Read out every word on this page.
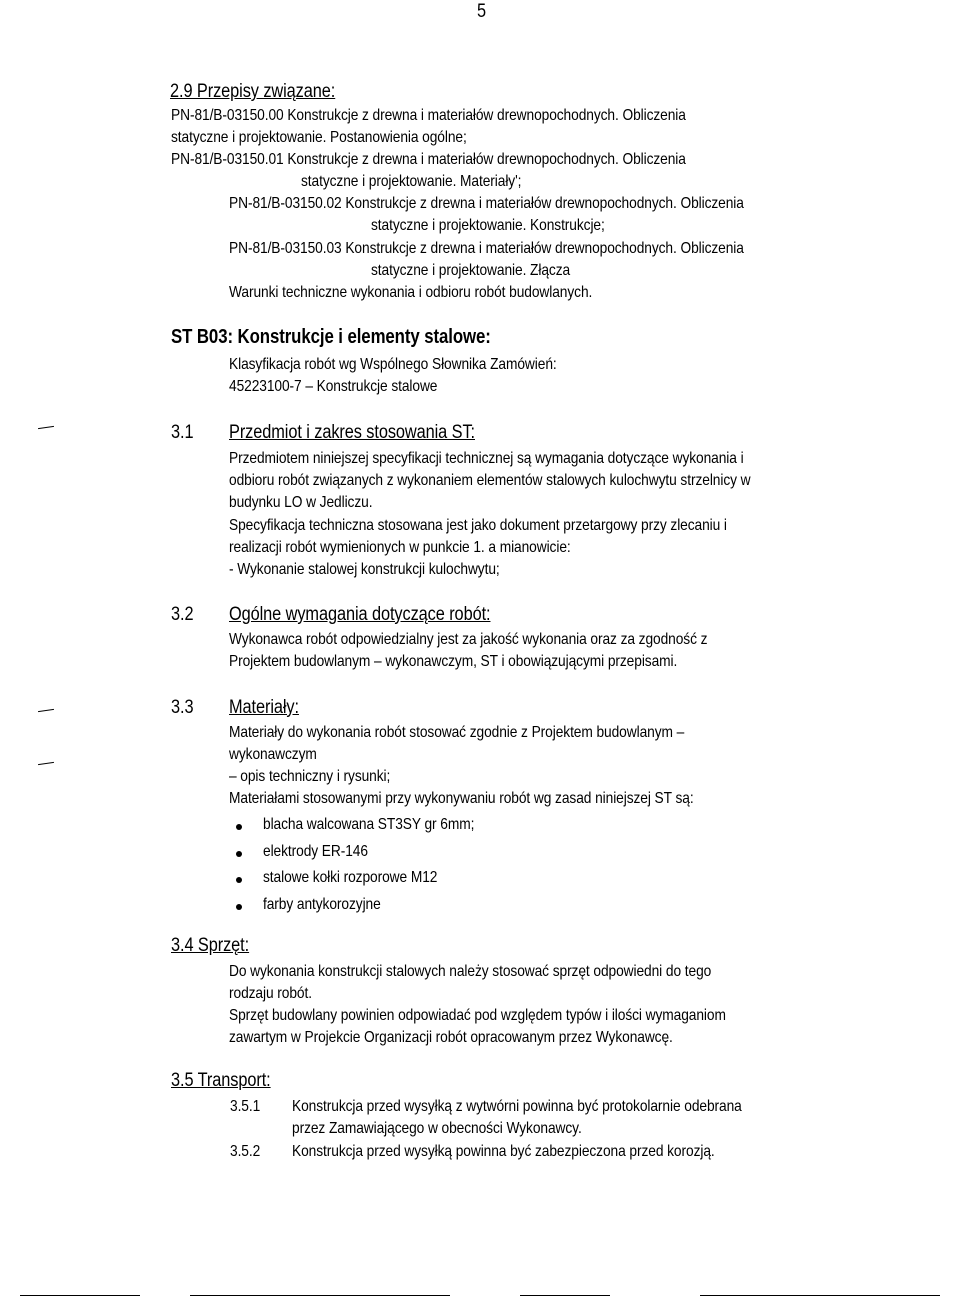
5
2.9 Przepisy związane:
PN-81/B-03150.00 Konstrukcje z drewna i materiałów drewnopochodnych. Obliczenia
statyczne i projektowanie. Postanowienia ogólne;
PN-81/B-03150.01 Konstrukcje z drewna i materiałów drewnopochodnych. Obliczenia
statyczne i projektowanie. Materiały';
PN-81/B-03150.02 Konstrukcje z drewna i materiałów drewnopochodnych. Obliczenia
statyczne i projektowanie. Konstrukcje;
PN-81/B-03150.03 Konstrukcje z drewna i materiałów drewnopochodnych. Obliczenia
statyczne i projektowanie. Złącza
Warunki techniczne wykonania i odbioru robót budowlanych.
ST B03: Konstrukcje i elementy stalowe:
Klasyfikacja robót wg Wspólnego Słownika Zamówień:
45223100-7 – Konstrukcje stalowe
3.1 Przedmiot i zakres stosowania ST:
Przedmiotem niniejszej specyfikacji technicznej są wymagania dotyczące wykonania i
odbioru robót związanych z wykonaniem elementów stalowych kulochwytu strzelnicy w
budynku LO w Jedliczu.
Specyfikacja techniczna stosowana jest jako dokument przetargowy przy zlecaniu i
realizacji robót wymienionych w punkcie 1. a mianowicie:
- Wykonanie stalowej konstrukcji kulochwytu;
3.2 Ogólne wymagania dotyczące robót:
Wykonawca robót odpowiedzialny jest za jakość wykonania oraz za zgodność z
Projektem budowlanym – wykonawczym, ST i obowiązującymi przepisami.
3.3 Materiały:
Materiały do wykonania robót stosować zgodnie z Projektem budowlanym –
wykonawczym
– opis techniczny i rysunki;
Materiałami stosowanymi przy wykonywaniu robót wg zasad niniejszej ST są:
blacha walcowana ST3SY gr 6mm;
elektrody ER-146
stalowe kołki rozporowe M12
farby antykorozyjne
3.4 Sprzęt:
Do wykonania konstrukcji stalowych należy stosować sprzęt odpowiedni do tego
rodzaju robót.
Sprzęt budowlany powinien odpowiadać pod względem typów i ilości wymaganiom
zawartym w Projekcie Organizacji robót opracowanym przez Wykonawcę.
3.5 Transport:
3.5.1 Konstrukcja przed wysyłką z wytwórni powinna być protokolarnie odebrana
przez Zamawiającego w obecności Wykonawcy.
3.5.2 Konstrukcja przed wysyłką powinna być zabezpieczona przed korozją.
